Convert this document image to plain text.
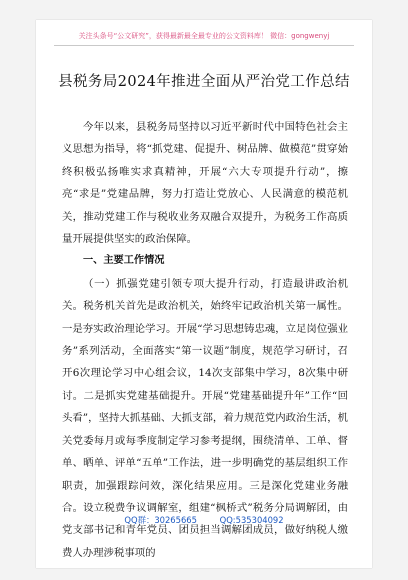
关注头条号“公文研究”，获得最新最全最专业的公文资料库！ 微信：gongwenyj
县税务局2024年推进全面从严治党工作总结

今年以来，县税务局坚持以习近平新时代中国特色社会主义思想为指导，将“抓党建、促提升、树品牌、做模范”贯穿始终积极弘扬唯实求真精神，开展“六大专项提升行动”，擦亮“求是”党建品牌，努力打造让党放心、人民满意的模范机关，推动党建工作与税收业务双融合双提升，为税务工作高质量开展提供坚实的政治保障。

一、主要工作情况

（一）抓强党建引领专项大提升行动，打造最讲政治机关。税务机关首先是政治机关，始终牢记政治机关第一属性。一是夯实政治理论学习。开展“学习思想铸忠魂，立足岗位强业务”系列活动，全面落实“第一议题”制度，规范学习研讨，召开6次理论学习中心组会议，14次支部集中学习，8次集中研讨。二是抓实党建基础提升。开展“党建基础提升年”工作“回头看”，坚持大抓基础、大抓支部，着力规范党内政治生活，机关党委每月或每季度制定学习参考提纲，围绕清单、工单、督单、晒单、评单“五单”工作法，进一步明确党的基层组织工作职责，加强跟踪问效，深化结果应用。三是深化党建业务融合。设立税费争议调解室，组建“枫桥式”税务分局调解团，由党支部书记和青年党员、团员担当调解团成员，做好纳税人缴费人办理涉税事项的

QQ群：30265665	QQ:535304092
